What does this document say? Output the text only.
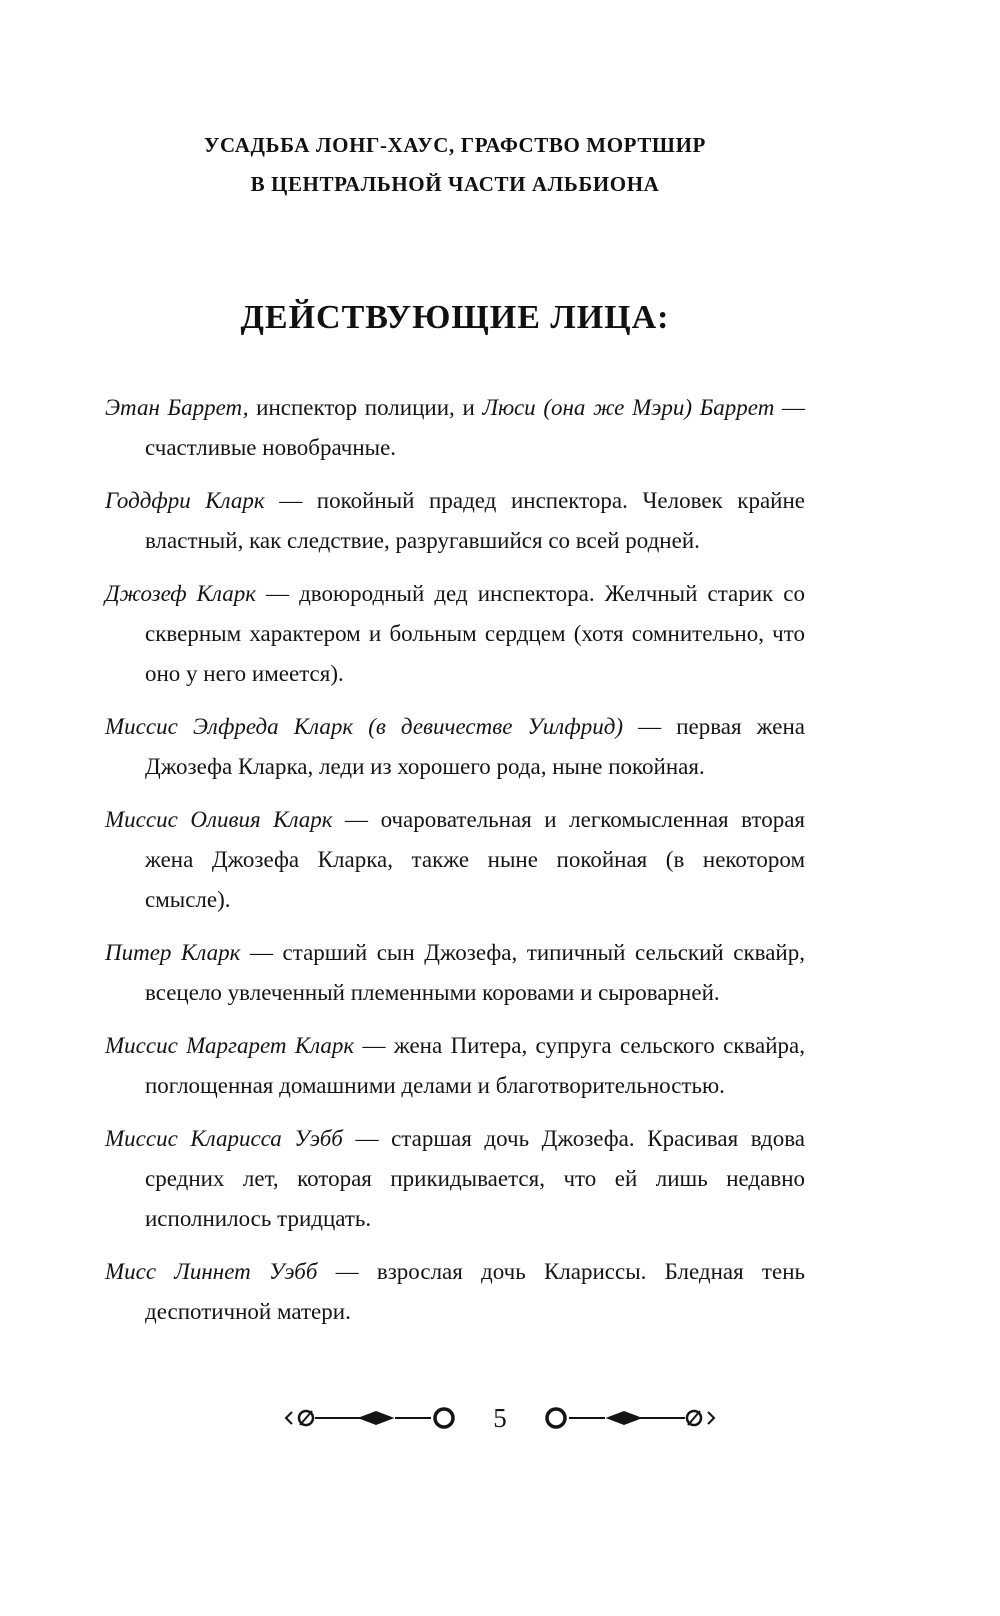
УСАДЬБА ЛОНГ-ХАУС, ГРАФСТВО МОРТШИР
В ЦЕНТРАЛЬНОЙ ЧАСТИ АЛЬБИОНА
ДЕЙСТВУЮЩИЕ ЛИЦА:

Этан Баррет, инспектор полиции, и Люси (она же Мэри) Баррет — счастливые новобрачные.

Годдфри Кларк — покойный прадед инспектора. Человек крайне властный, как следствие, разругавшийся со всей родней.

Джозеф Кларк — двоюродный дед инспектора. Желчный старик со скверным характером и больным сердцем (хотя сомнительно, что оно у него имеется).

Миссис Элфреда Кларк (в девичестве Уилфрид) — первая жена Джозефа Кларка, леди из хорошего рода, ныне покойная.

Миссис Оливия Кларк — очаровательная и легкомысленная вторая жена Джозефа Кларка, также ныне покойная (в некотором смысле).

Питер Кларк — старший сын Джозефа, типичный сельский сквайр, всецело увлеченный племенными коровами и сыроварней.

Миссис Маргарет Кларк — жена Питера, супруга сельского сквайра, поглощенная домашними делами и благотворительностью.

Миссис Кларисса Уэбб — старшая дочь Джозефа. Красивая вдова средних лет, которая прикидывается, что ей лишь недавно исполнилось тридцать.

Мисс Линнет Уэбб — взрослая дочь Клариссы. Бледная тень деспотичной матери.

5
